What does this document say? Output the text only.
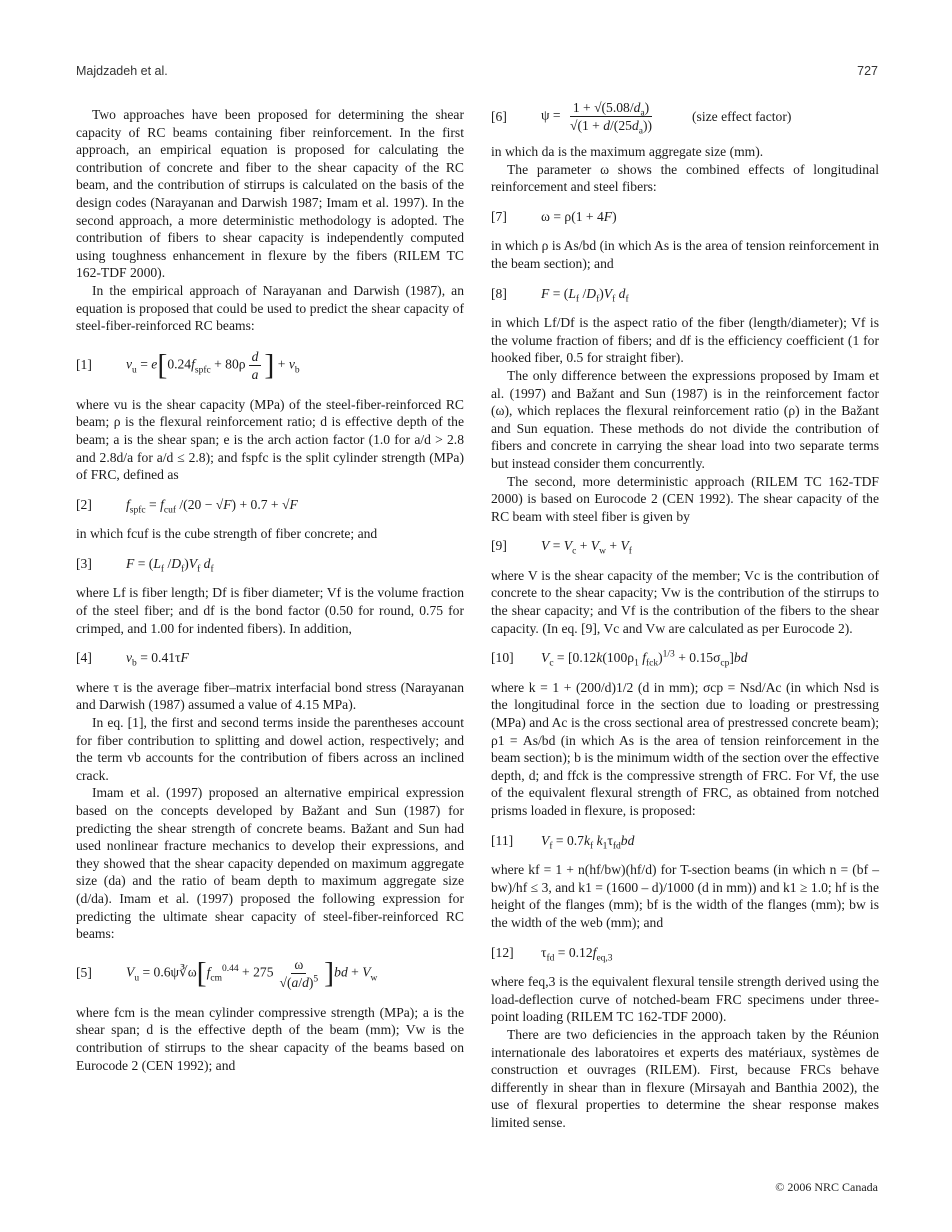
Majdzadeh et al.	727

Two approaches have been proposed for determining the shear capacity of RC beams containing fiber reinforcement. In the first approach, an empirical equation is proposed for calculating the contribution of concrete and fiber to the shear capacity of the RC beam, and the contribution of stirrups is calculated on the basis of the design codes (Narayanan and Darwish 1987; Imam et al. 1997). In the second approach, a more deterministic methodology is adopted. The contribution of fibers to shear capacity is independently computed using toughness enhancement in flexure by the fibers (RILEM TC 162-TDF 2000).

In the empirical approach of Narayanan and Darwish (1987), an equation is proposed that could be used to predict the shear capacity of steel-fiber-reinforced RC beams:

[1]	$v_u = e[0.24f_{spfc} + 80\rho \frac{d}{a}$ ] + $v_b$

where vu is the shear capacity (MPa) of the steel-fiber-reinforced RC beam; ρ is the flexural reinforcement ratio; d is effective depth of the beam; a is the shear span; e is the arch action factor (1.0 for a/d > 2.8 and 2.8d/a for a/d ≤ 2.8); and fspfc is the split cylinder strength (MPa) of FRC, defined as

[2]	$f_{spfc} = f_{cuf}$ /(20 − √F) + 0.7 + √F

in which fcuf is the cube strength of fiber concrete; and

[3]	$F = (L_f$ $/D_f)V_f$ $d_f$

where Lf is fiber length; Df is fiber diameter; Vf is the volume fraction of the steel fiber; and df is the bond factor (0.50 for round, 0.75 for crimped, and 1.00 for indented fibers). In addition,

[4]	$v_b = 0.41\tau F$

where τ is the average fiber–matrix interfacial bond stress (Narayanan and Darwish (1987) assumed a value of 4.15 MPa).

In eq. [1], the first and second terms inside the parentheses account for fiber contribution to splitting and dowel action, respectively; and the term vb accounts for the contribution of fibers across an inclined crack.

Imam et al. (1997) proposed an alternative empirical expression based on the concepts developed by Bažant and Sun (1987) for predicting the shear strength of concrete beams. Bažant and Sun had used nonlinear fracture mechanics to develop their expressions, and they showed that the shear capacity depended on maximum aggregate size (da) and the ratio of beam depth to maximum aggregate size (d/da). Imam et al. (1997) proposed the following expression for predicting the ultimate shear capacity of steel-fiber-reinforced RC beams:

[5]	$V_u$ = $0.6\psi∛\omega[f_{cm}^{0.44} + 275 \frac{\omega}{√(a/d)^5} ]bd + V_w$

where fcm is the mean cylinder compressive strength (MPa); a is the shear span; d is the effective depth of the beam (mm); Vw is the contribution of stirrups to the shear capacity of the beams based on Eurocode 2 (CEN 1992); and

[6]	$\psi = \frac{1 + √(5.08/d_a)}{√(1 + d/(25d_a))}$	(size effect factor)

in which da is the maximum aggregate size (mm).

The parameter ω shows the combined effects of longitudinal reinforcement and steel fibers:

[7]	ω = ρ(1 + 4F)

in which ρ is As/bd (in which As is the area of tension reinforcement in the beam section); and

[8]	$F = (L_f$ $/D_f)V_f$ $d_f$

in which Lf/Df is the aspect ratio of the fiber (length/diameter); Vf is the volume fraction of fibers; and df is the efficiency coefficient (1 for hooked fiber, 0.5 for straight fiber).

The only difference between the expressions proposed by Imam et al. (1997) and Bažant and Sun (1987) is in the reinforcement factor (ω), which replaces the flexural reinforcement ratio (ρ) in the Bažant and Sun equation. These methods do not divide the contribution of fibers and concrete in carrying the shear load into two separate terms but instead consider them concurrently.

The second, more deterministic approach (RILEM TC 162-TDF 2000) is based on Eurocode 2 (CEN 1992). The shear capacity of the RC beam with steel fiber is given by

[9]	$V = V_c + V_w + V_f$

where V is the shear capacity of the member; Vc is the contribution of concrete to the shear capacity; Vw is the contribution of the stirrups to the shear capacity; and Vf is the contribution of the fibers to the shear capacity. (In eq. [9], Vc and Vw are calculated as per Eurocode 2).

[10]	$V_c = [0.12k(100\rho_1$ $f_{fck})^{1/3} + 0.15\sigma_{cp}]bd$

where k = 1 + (200/d)1/2 (d in mm); σcp = Nsd/Ac (in which Nsd is the longitudinal force in the section due to loading or prestressing (MPa) and Ac is the cross sectional area of prestressed concrete beam); ρ1 = As/bd (in which As is the area of tension reinforcement in the beam section); b is the minimum width of the section over the effective depth, d; and ffck is the compressive strength of FRC. For Vf, the use of the equivalent flexural strength of FRC, as obtained from notched prisms loaded in flexure, is proposed:

[11]	$V_f = 0.7k_f$ $k_1\tau_{fd}bd$

where kf = 1 + n(hf/bw)(hf/d) for T-section beams (in which n = (bf – bw)/hf ≤ 3, and k1 = (1600 – d)/1000 (d in mm)) and k1 ≥ 1.0; hf is the height of the flanges (mm); bf is the width of the flanges (mm); bw is the width of the web (mm); and

[12]	$\tau_{fd} = 0.12f_{eq,3}$

where feq,3 is the equivalent flexural tensile strength derived using the load-deflection curve of notched-beam FRC specimens under three-point loading (RILEM TC 162-TDF 2000).

There are two deficiencies in the approach taken by the Réunion internationale des laboratoires et experts des matériaux, systèmes de construction et ouvrages (RILEM). First, because FRCs behave differently in shear than in flexure (Mirsayah and Banthia 2002), the use of flexural properties to determine the shear response makes limited sense.

© 2006 NRC Canada
